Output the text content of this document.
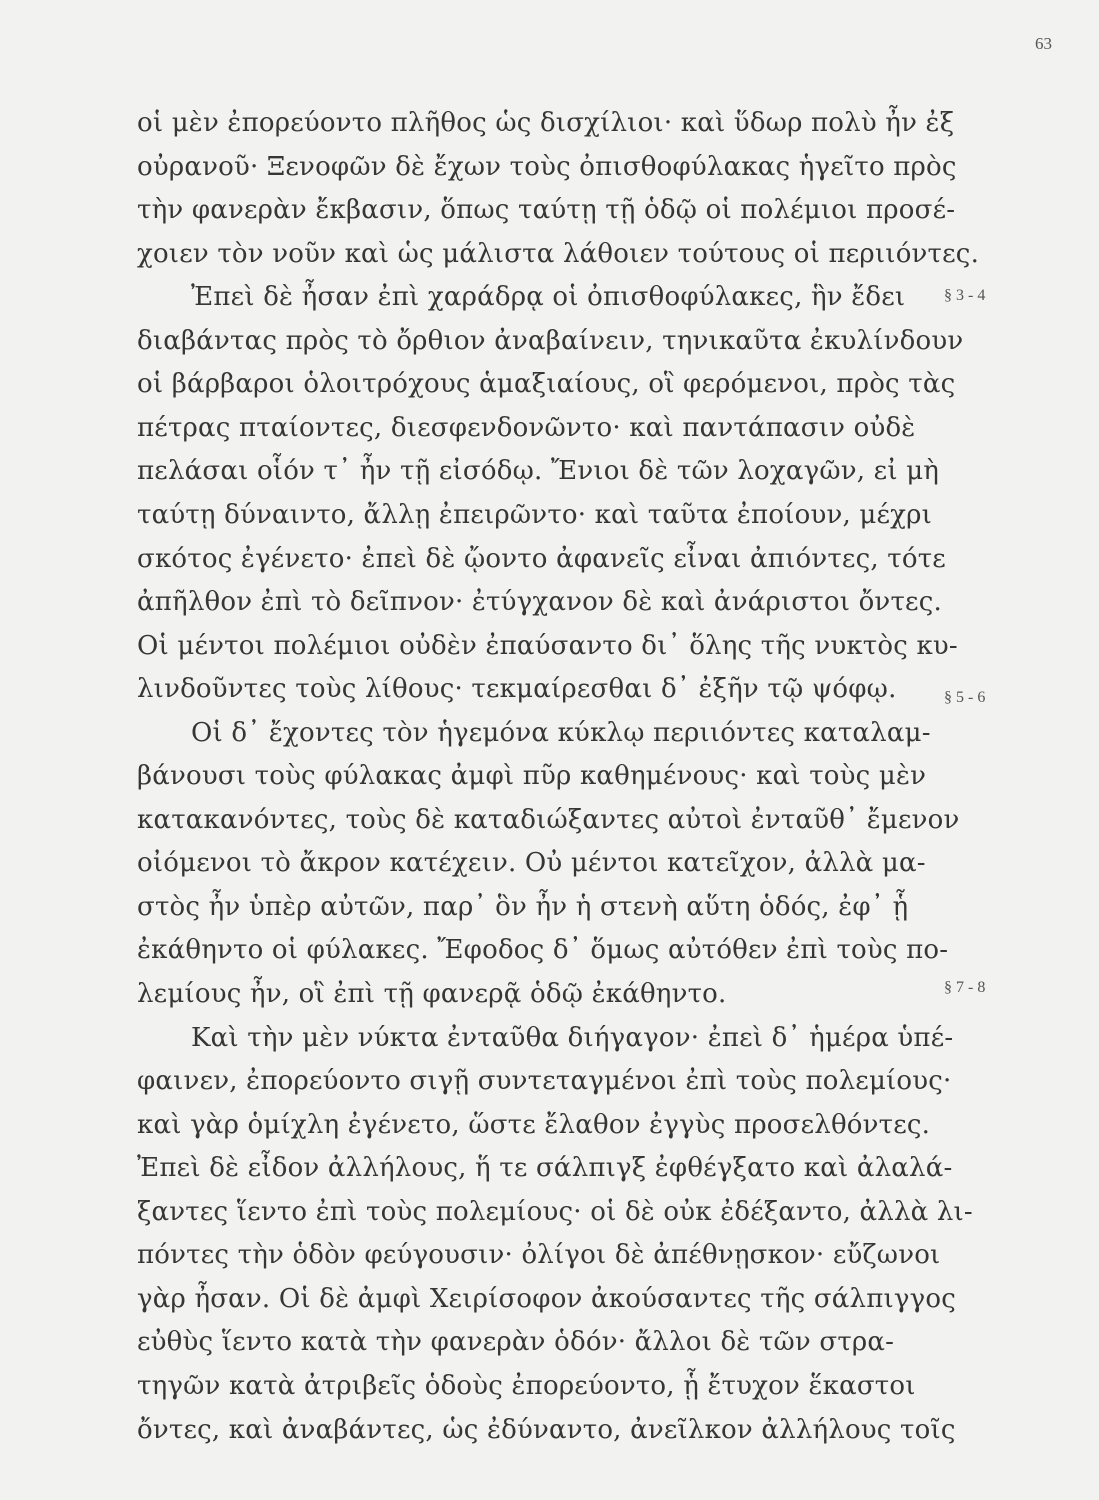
63
οἱ μὲν ἐπορεύοντο πλῆθος ὡς δισχίλιοι· καὶ ὕδωρ πολὺ ἦν ἐξ
οὐρανοῦ· Ξενοφῶν δὲ ἔχων τοὺς ὀπισθοφύλακας ἡγεῖτο πρὸς
τὴν φανερὰν ἔκβασιν, ὅπως ταύτῃ τῇ ὁδῷ οἱ πολέμιοι προσέ-
χοιεν τὸν νοῦν καὶ ὡς μάλιστα λάθοιεν τούτους οἱ περιιόντες.
Ἐπεὶ δὲ ἦσαν ἐπὶ χαράδρᾳ οἱ ὀπισθοφύλακες, ἣν ἔδει
διαβάντας πρὸς τὸ ὄρθιον ἀναβαίνειν, τηνικαῦτα ἐκυλίνδουν
οἱ βάρβαροι ὁλοιτρόχους ἁμαξιαίους, οἳ φερόμενοι, πρὸς τὰς
πέτρας πταίοντες, διεσφενδονῶντο· καὶ παντάπασιν οὐδὲ
πελάσαι οἷόν τ᾽ ἦν τῇ εἰσόδῳ. Ἔνιοι δὲ τῶν λοχαγῶν, εἰ μὴ
ταύτῃ δύναιντο, ἄλλῃ ἐπειρῶντο· καὶ ταῦτα ἐποίουν, μέχρι
σκότος ἐγένετο· ἐπεὶ δὲ ᾤοντο ἀφανεῖς εἶναι ἀπιόντες, τότε
ἀπῆλθον ἐπὶ τὸ δεῖπνον· ἐτύγχανον δὲ καὶ ἀνάριστοι ὄντες.
Οἱ μέντοι πολέμιοι οὐδὲν ἐπαύσαντο δι᾽ ὅλης τῆς νυκτὸς κυ-
λινδοῦντες τοὺς λίθους· τεκμαίρεσθαι δ᾽ ἐξῆν τῷ ψόφῳ.
Οἱ δ᾽ ἔχοντες τὸν ἡγεμόνα κύκλῳ περιιόντες καταλαμ-
βάνουσι τοὺς φύλακας ἀμφὶ πῦρ καθημένους· καὶ τοὺς μὲν
κατακανόντες, τοὺς δὲ καταδιώξαντες αὐτοὶ ἐνταῦθ᾽ ἔμενον
οἰόμενοι τὸ ἄκρον κατέχειν. Οὐ μέντοι κατεῖχον, ἀλλὰ μα-
στὸς ἦν ὑπὲρ αὐτῶν, παρ᾽ ὃν ἦν ἡ στενὴ αὕτη ὁδός, ἐφ᾽ ᾗ
ἐκάθηντο οἱ φύλακες. Ἔφοδος δ᾽ ὅμως αὐτόθεν ἐπὶ τοὺς πο-
λεμίους ἦν, οἳ ἐπὶ τῇ φανερᾷ ὁδῷ ἐκάθηντο.
Καὶ τὴν μὲν νύκτα ἐνταῦθα διήγαγον· ἐπεὶ δ᾽ ἡμέρα ὑπέ-
φαινεν, ἐπορεύοντο σιγῇ συντεταγμένοι ἐπὶ τοὺς πολεμίους·
καὶ γὰρ ὁμίχλη ἐγένετο, ὥστε ἔλαθον ἐγγὺς προσελθόντες.
Ἐπεὶ δὲ εἶδον ἀλλήλους, ἥ τε σάλπιγξ ἐφθέγξατο καὶ ἀλαλά-
ξαντες ἵεντο ἐπὶ τοὺς πολεμίους· οἱ δὲ οὐκ ἐδέξαντο, ἀλλὰ λι-
πόντες τὴν ὁδὸν φεύγουσιν· ὀλίγοι δὲ ἀπέθνῃσκον· εὔζωνοι
γὰρ ἦσαν. Οἱ δὲ ἀμφὶ Χειρίσοφον ἀκούσαντες τῆς σάλπιγγος
εὐθὺς ἵεντο κατὰ τὴν φανερὰν ὁδόν· ἄλλοι δὲ τῶν στρα-
τηγῶν κατὰ ἀτριβεῖς ὁδοὺς ἐπορεύοντο, ᾗ ἔτυχον ἕκαστοι
ὄντες, καὶ ἀναβάντες, ὡς ἐδύναντο, ἀνεῖλκον ἀλλήλους τοῖς
§ 3 - 4
§ 5 - 6
§ 7 - 8
